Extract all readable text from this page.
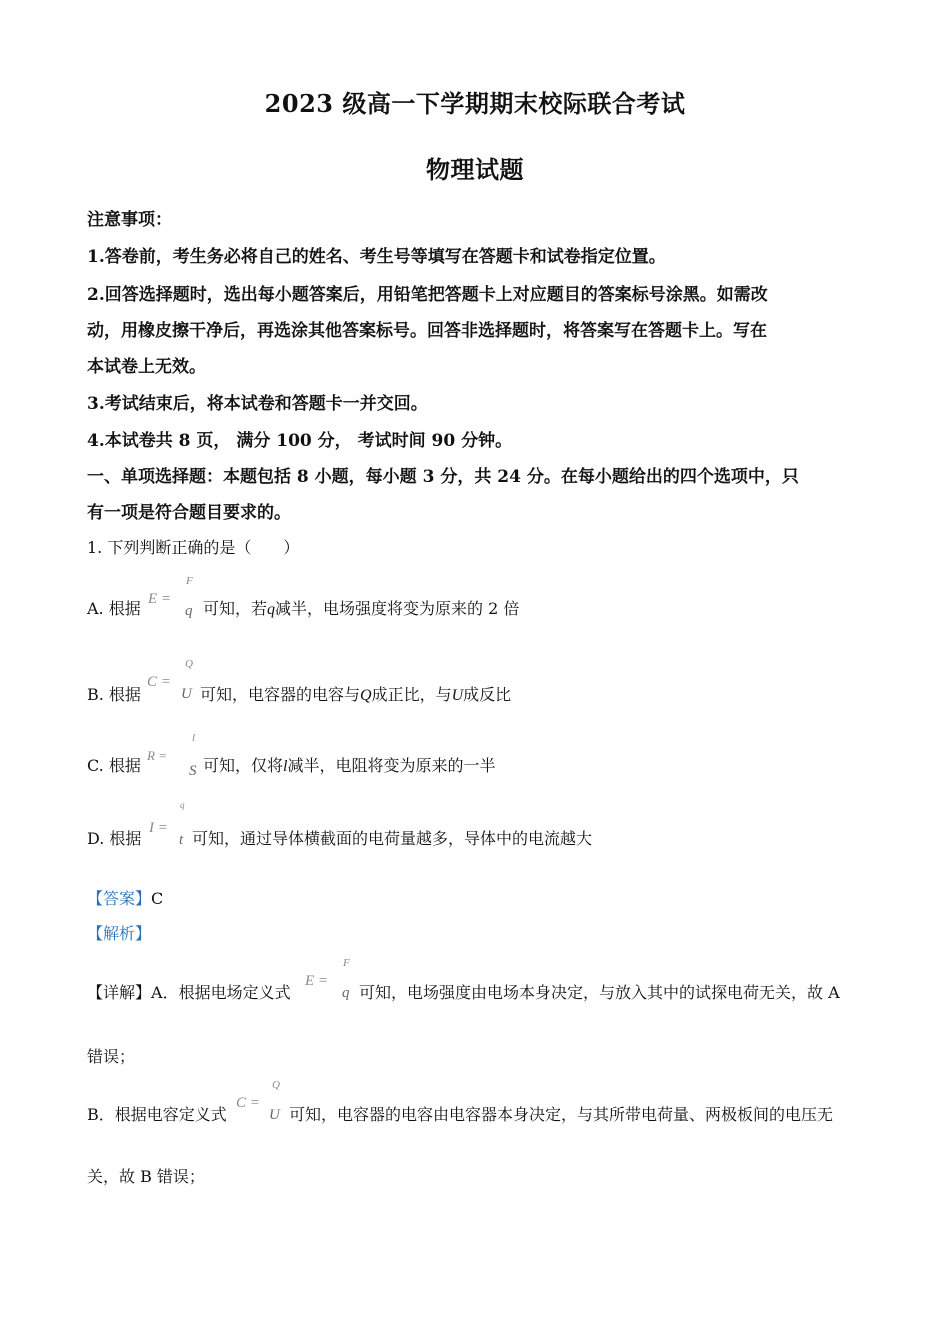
2023 级高一下学期期末校际联合考试
物理试题
注意事项：
1.答卷前，考生务必将自己的姓名、考生号等填写在答题卡和试卷指定位置。
2.回答选择题时，选出每小题答案后，用铅笔把答题卡上对应题目的答案标号涂黑。如需改
动，用橡皮擦干净后，再选涂其他答案标号。回答非选择题时，将答案写在答题卡上。写在
本试卷上无效。
3.考试结束后，将本试卷和答题卡一并交回。
4.本试卷共 8 页， 满分 100 分， 考试时间 90 分钟。
一、单项选择题：本题包括 8 小题，每小题 3 分，共 24 分。在每小题给出的四个选项中，只
有一项是符合题目要求的。
1. 下列判断正确的是（　　）
A. 根据 E =
F
q 可知，若q减半，电场强度将变为原来的 2 倍
B. 根据
C =
Q
U 可知，电容器的电容与Q成正比，与U成反比
C. 根据
R =
l
S 可知，仅将l减半，电阻将变为原来的一半
D. 根据
I =
q
t 可知，通过导体横截面的电荷量越多，导体中的电流越大
【答案】C
【解析】
【详解】A．根据电场定义式
E =
F
q 可知，电场强度由电场本身决定，与放入其中的试探电荷无关，故 A
错误；
B．根据电容定义式
C =
Q
U 可知，电容器的电容由电容器本身决定，与其所带电荷量、两极板间的电压无
关，故 B 错误；
